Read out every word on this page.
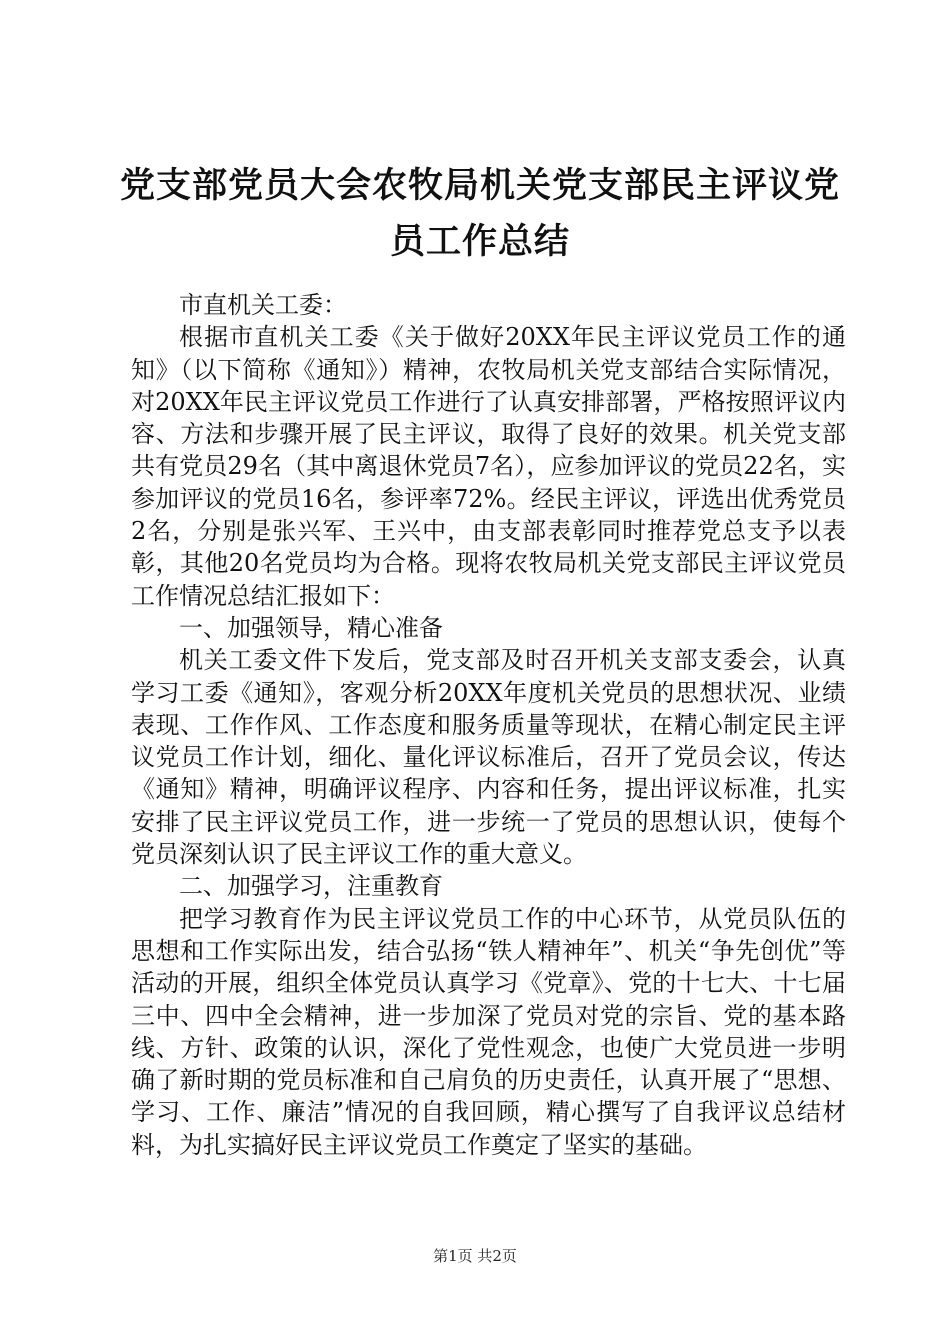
党支部党员大会农牧局机关党支部民主评议党员工作总结

市直机关工委：

根据市直机关工委《关于做好20XX年民主评议党员工作的通知》（以下简称《通知》）精神，农牧局机关党支部结合实际情况，对20XX年民主评议党员工作进行了认真安排部署，严格按照评议内容、方法和步骤开展了民主评议，取得了良好的效果。机关党支部共有党员29名（其中离退休党员7名），应参加评议的党员22名，实参加评议的党员16名，参评率72%。经民主评议，评选出优秀党员2名，分别是张兴军、王兴中，由支部表彰同时推荐党总支予以表彰，其他20名党员均为合格。现将农牧局机关党支部民主评议党员工作情况总结汇报如下：

一、加强领导，精心准备

机关工委文件下发后，党支部及时召开机关支部支委会，认真学习工委《通知》，客观分析20XX年度机关党员的思想状况、业绩表现、工作作风、工作态度和服务质量等现状，在精心制定民主评议党员工作计划，细化、量化评议标准后，召开了党员会议，传达《通知》精神，明确评议程序、内容和任务，提出评议标准，扎实安排了民主评议党员工作，进一步统一了党员的思想认识，使每个党员深刻认识了民主评议工作的重大意义。

二、加强学习，注重教育

把学习教育作为民主评议党员工作的中心环节，从党员队伍的思想和工作实际出发，结合弘扬“铁人精神年”、机关“争先创优”等活动的开展，组织全体党员认真学习《党章》、党的十七大、十七届三中、四中全会精神，进一步加深了党员对党的宗旨、党的基本路线、方针、政策的认识，深化了党性观念，也使广大党员进一步明确了新时期的党员标准和自己肩负的历史责任，认真开展了“思想、学习、工作、廉洁”情况的自我回顾，精心撰写了自我评议总结材料，为扎实搞好民主评议党员工作奠定了坚实的基础。

第1页 共2页
